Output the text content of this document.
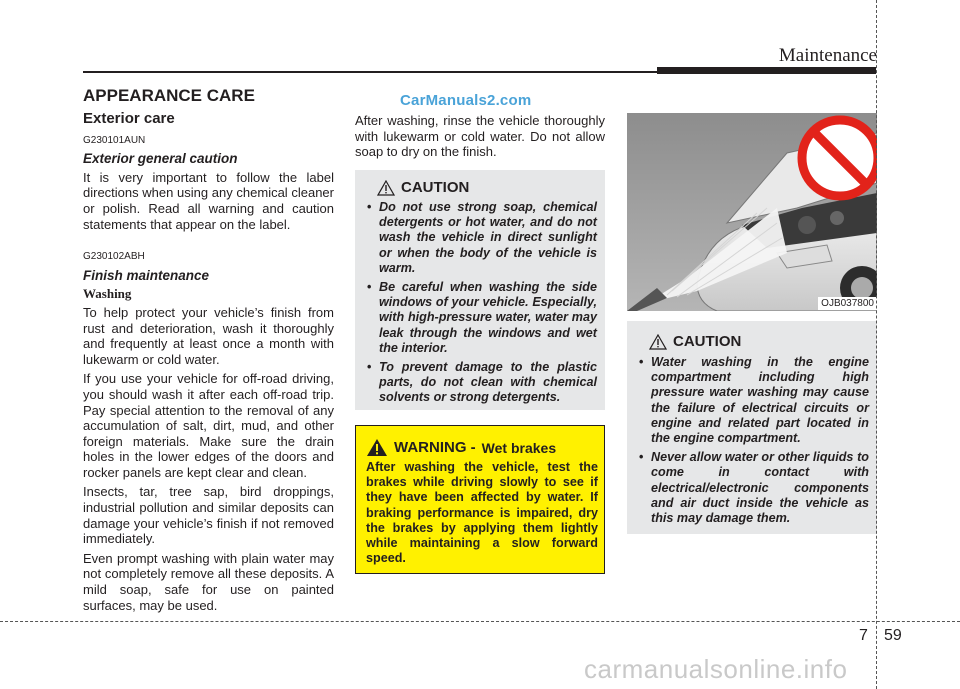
Maintenance
APPEARANCE CARE	CarManuals2.com

Exterior care

G230101AUN

Exterior general caution

It is very important to follow the label directions when using any chemical cleaner or polish. Read all warning and caution statements that appear on the label.

G230102ABH

Finish maintenance

Washing

To help protect your vehicle’s finish from rust and deterioration, wash it thoroughly and frequently at least once a month with lukewarm or cold water.

If you use your vehicle for off-road driving, you should wash it after each off-road trip. Pay special attention to the removal of any accumulation of salt, dirt, mud, and other foreign materials. Make sure the drain holes in the lower edges of the doors and rocker panels are kept clear and clean.

Insects, tar, tree sap, bird droppings, industrial pollution and similar deposits can damage your vehicle’s finish if not removed immediately.

Even prompt washing with plain water may not completely remove all these deposits. A mild soap, safe for use on painted surfaces, may be used.

After washing, rinse the vehicle thoroughly with lukewarm or cold water. Do not allow soap to dry on the finish.

CAUTION
• Do not use strong soap, chemical detergents or hot water, and do not wash the vehicle in direct sunlight or when the body of the vehicle is warm.
• Be careful when washing the side windows of your vehicle. Especially, with high-pressure water, water may leak through the windows and wet the interior.
• To prevent damage to the plastic parts, do not clean with chemical solvents or strong detergents.
WARNING - Wet brakes
After washing the vehicle, test the brakes while driving slowly to see if they have been affected by water. If braking performance is impaired, dry the brakes by applying them lightly while maintaining a slow forward speed.
OJB037800
CAUTION
• Water washing in the engine compartment including high pressure water washing may cause the failure of electrical circuits or engine and related part located in the engine compartment.
• Never allow water or other liquids to come in contact with electrical/electronic components and air duct inside the vehicle as this may damage them.
7 59
carmanualsonline.info
